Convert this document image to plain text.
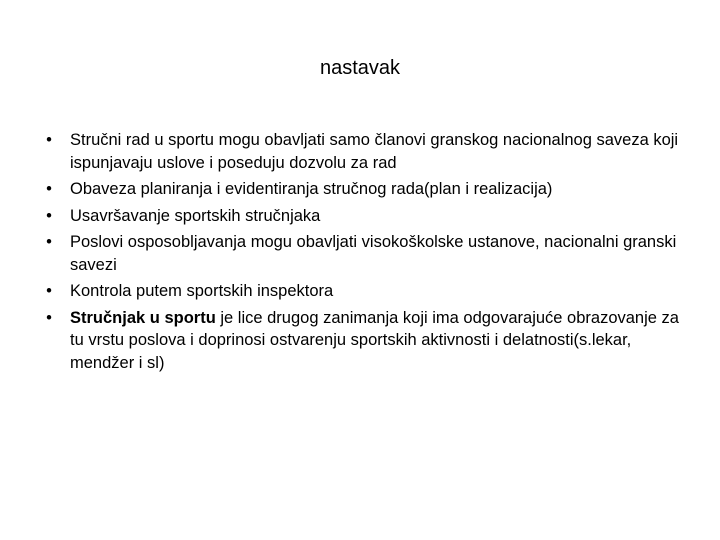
nastavak
• Stručni rad u sportu mogu obavljati samo članovi granskog nacionalnog saveza koji ispunjavaju uslove i poseduju dozvolu za rad
• Obaveza planiranja i evidentiranja stručnog rada(plan i realizacija)
• Usavršavanje sportskih stručnjaka
• Poslovi osposobljavanja mogu obavljati visokoškolske ustanove, nacionalni granski savezi
• Kontrola putem sportskih inspektora
• Stručnjak u sportu je lice drugog zanimanja koji ima odgovarajuće obrazovanje za tu vrstu poslova i doprinosi ostvarenju sportskih aktivnosti i delatnosti(s.lekar, mendžer i sl)
